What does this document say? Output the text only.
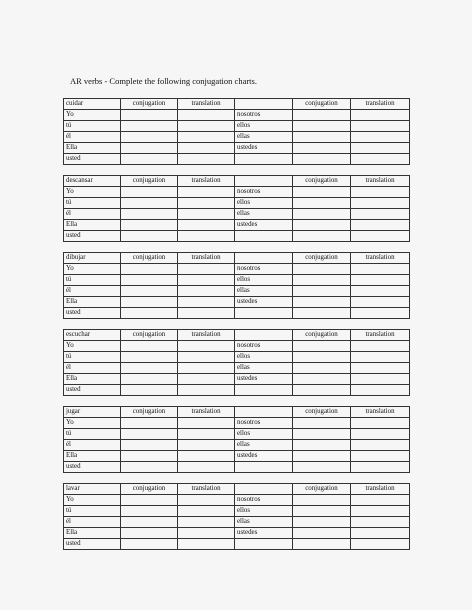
AR verbs - Complete the following conjugation charts.
cuidar	conjugation	translation		conjugation	translation
Yo			nosotros		
tú			ellos		
él			ellas		
Ella			ustedes		
usted					
descansar	conjugation	translation		conjugation	translation
Yo			nosotros		
tú			ellos		
él			ellas		
Ella			ustedes		
usted					
dibujar	conjugation	translation		conjugation	translation
Yo			nosotros		
tú			ellos		
él			ellas		
Ella			ustedes		
usted					
escuchar	conjugation	translation		conjugation	translation
Yo			nosotros		
tú			ellos		
él			ellas		
Ella			ustedes		
usted					
jugar	conjugation	translation		conjugation	translation
Yo			nosotros		
tú			ellos		
él			ellas		
Ella			ustedes		
usted					
lavar	conjugation	translation		conjugation	translation
Yo			nosotros		
tú			ellos		
él			ellas		
Ella			ustedes		
usted					
